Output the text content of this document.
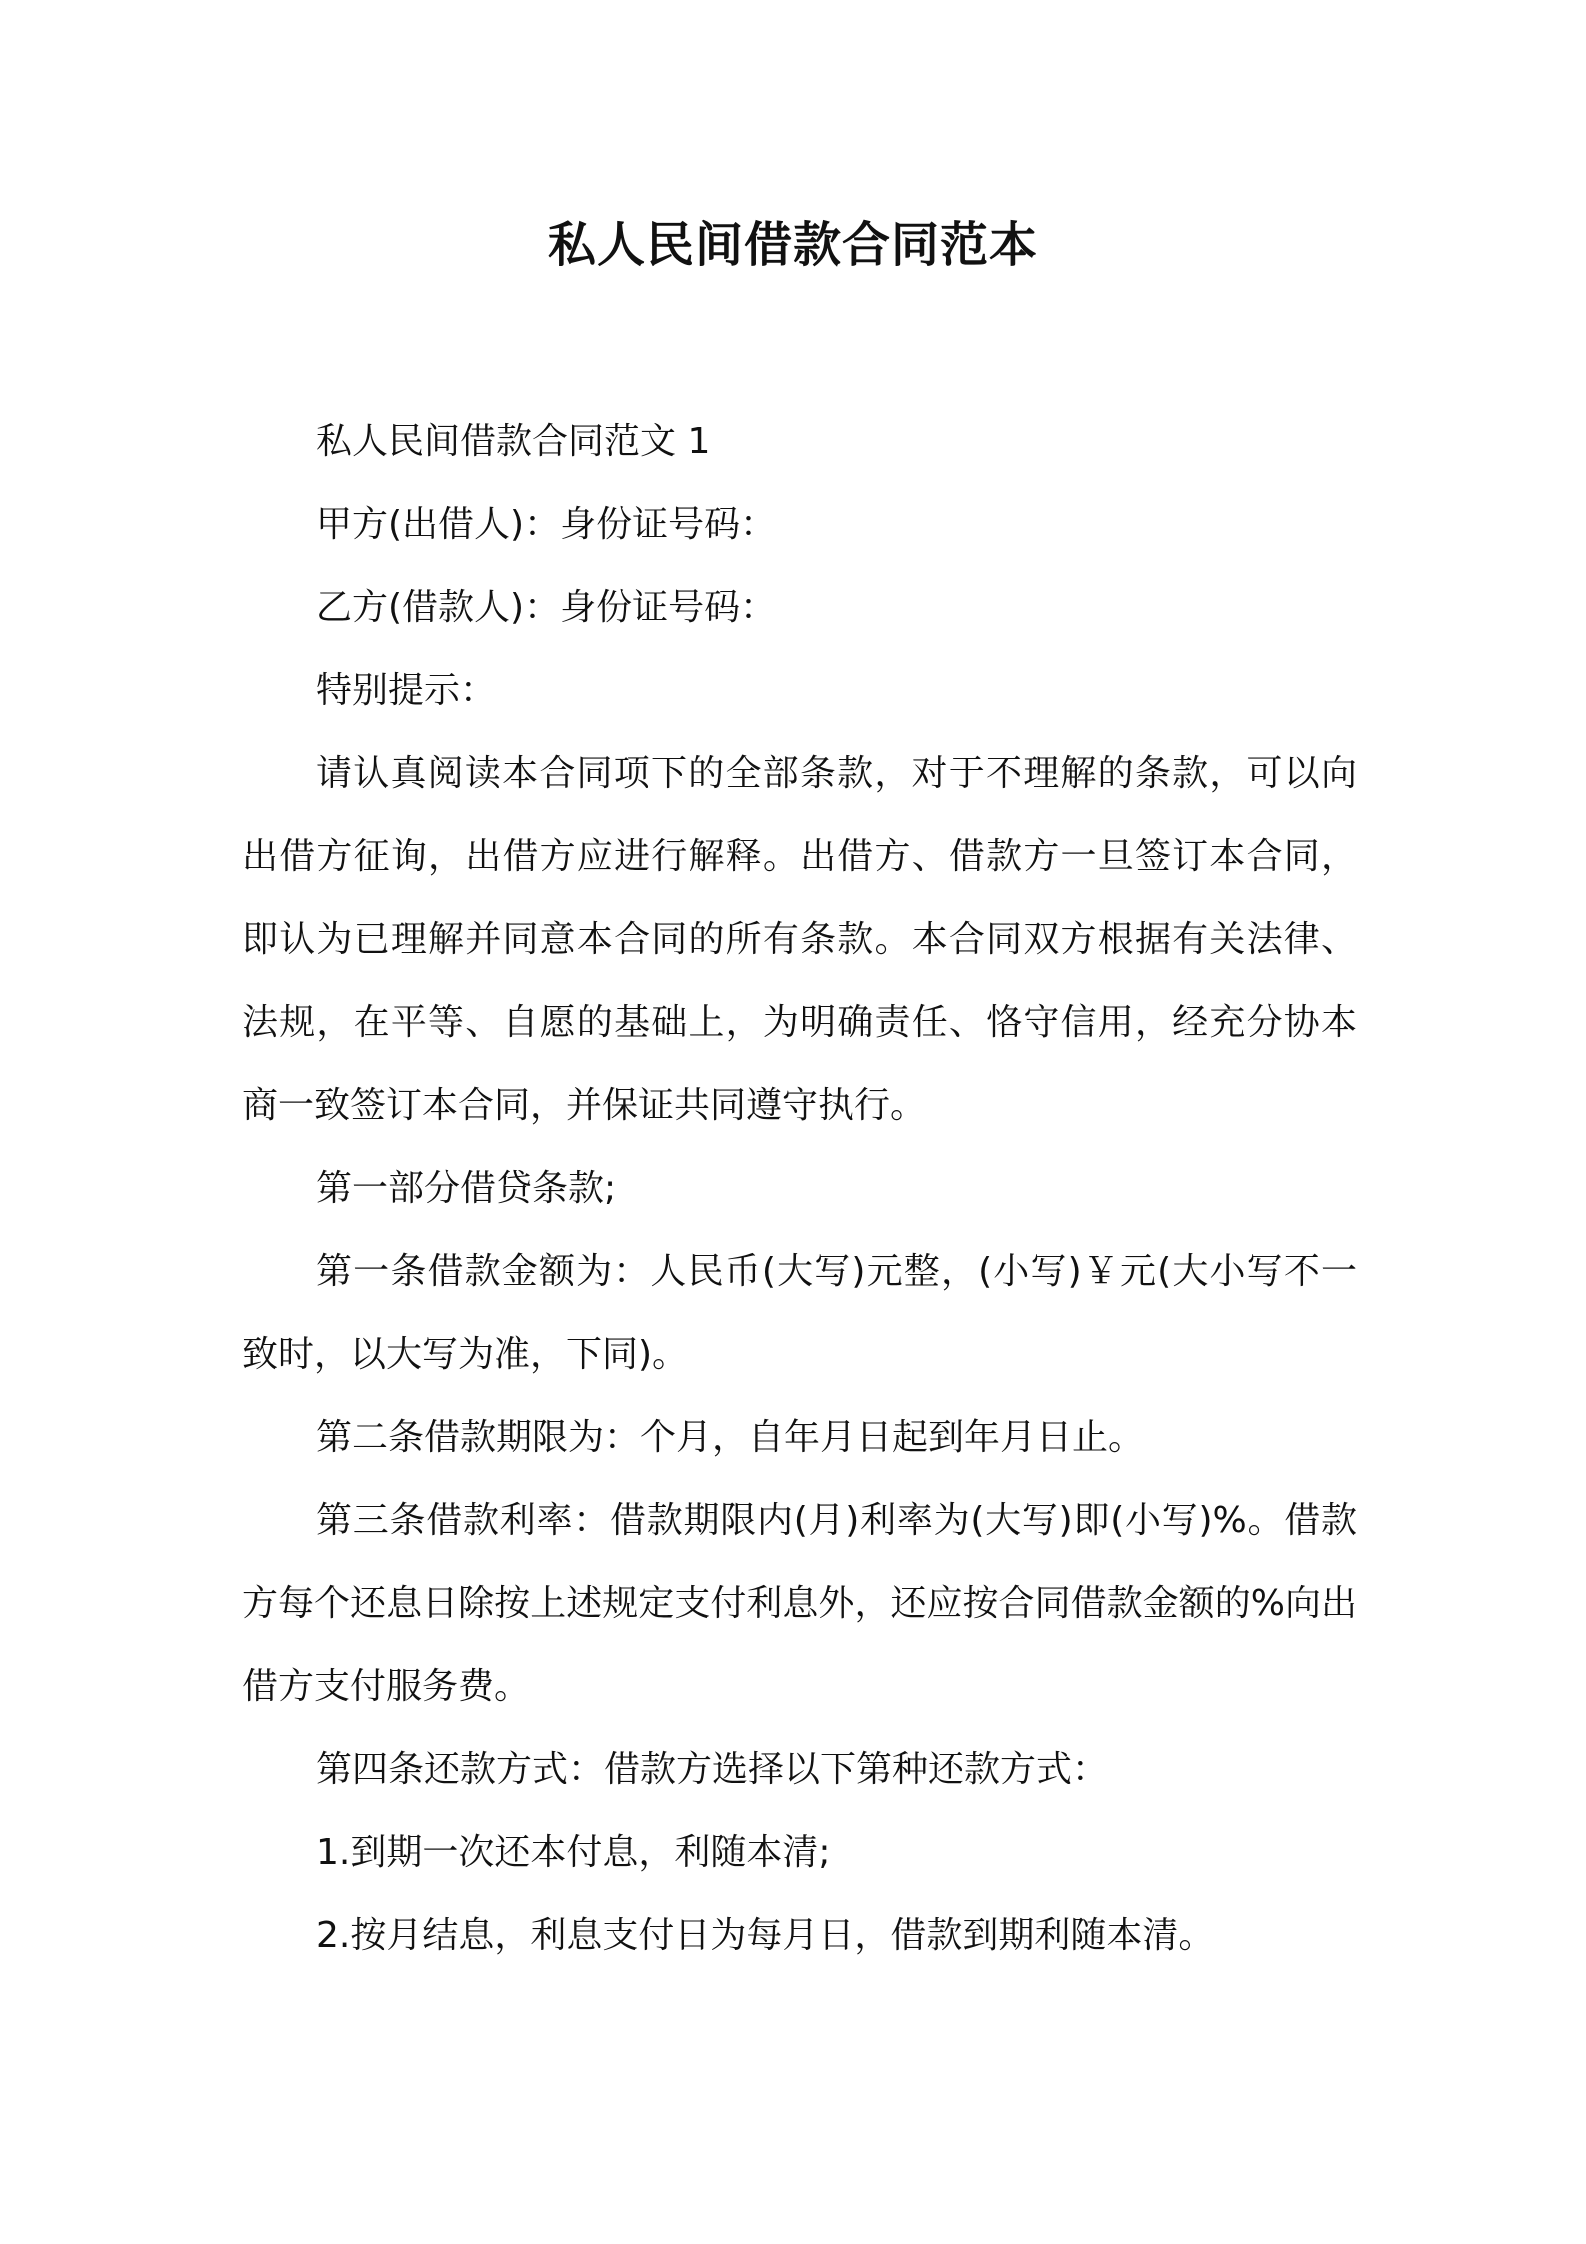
私人民间借款合同范本

私人民间借款合同范文 1

甲方(出借人)：身份证号码：

乙方(借款人)：身份证号码：

特别提示：

请认真阅读本合同项下的全部条款，对于不理解的条款，可以向出借方征询，出借方应进行解释。出借方、借款方一旦签订本合同，即认为已理解并同意本合同的所有条款。本合同双方根据有关法律、法规，在平等、自愿的基础上，为明确责任、恪守信用，经充分协本商一致签订本合同，并保证共同遵守执行。

第一部分借贷条款;

第一条借款金额为：人民币(大写)元整，(小写)￥元(大小写不一致时，以大写为准，下同)。

第二条借款期限为：个月，自年月日起到年月日止。

第三条借款利率：借款期限内(月)利率为(大写)即(小写)%。借款方每个还息日除按上述规定支付利息外，还应按合同借款金额的%向出借方支付服务费。

第四条还款方式：借款方选择以下第种还款方式：

1.到期一次还本付息，利随本清;

2.按月结息，利息支付日为每月日，借款到期利随本清。
